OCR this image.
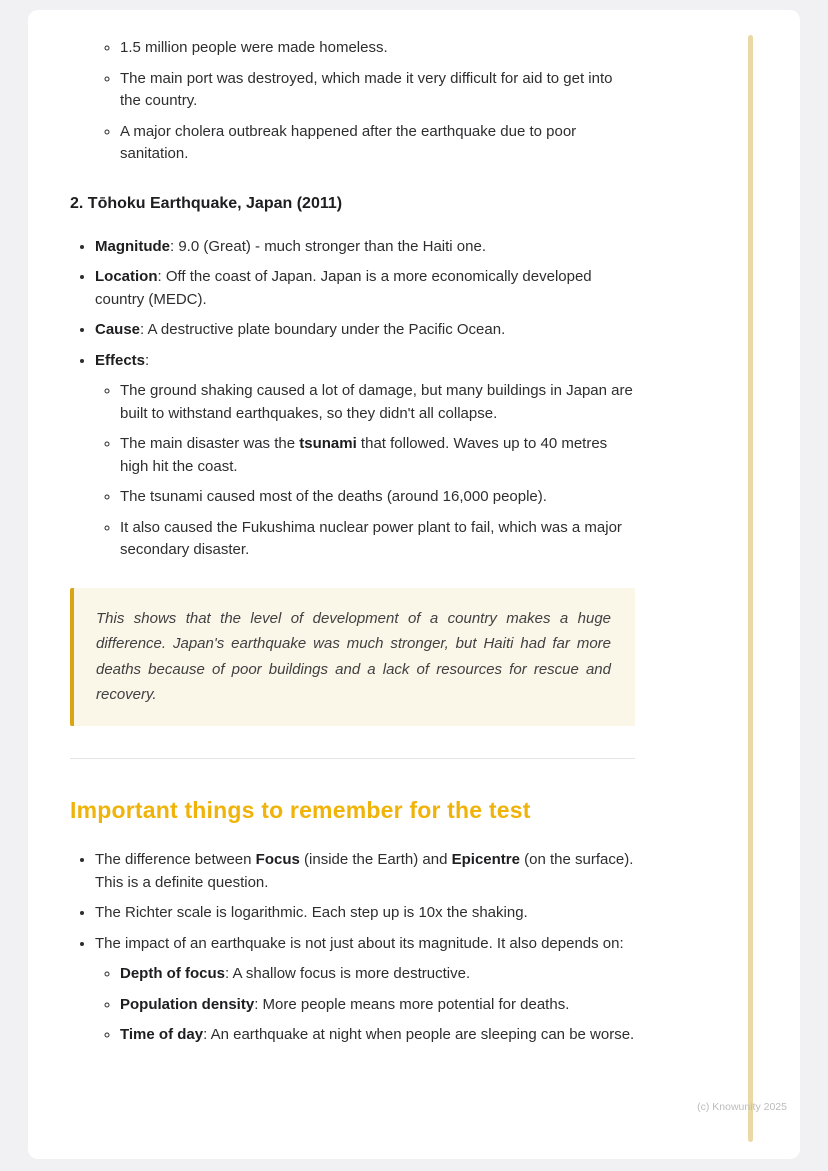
◦ 1.5 million people were made homeless.
◦ The main port was destroyed, which made it very difficult for aid to get into the country.
◦ A major cholera outbreak happened after the earthquake due to poor sanitation.
2. Tōhoku Earthquake, Japan (2011)
• Magnitude: 9.0 (Great) - much stronger than the Haiti one.
• Location: Off the coast of Japan. Japan is a more economically developed country (MEDC).
• Cause: A destructive plate boundary under the Pacific Ocean.
• Effects:
◦ The ground shaking caused a lot of damage, but many buildings in Japan are built to withstand earthquakes, so they didn't all collapse.
◦ The main disaster was the tsunami that followed. Waves up to 40 metres high hit the coast.
◦ The tsunami caused most of the deaths (around 16,000 people).
◦ It also caused the Fukushima nuclear power plant to fail, which was a major secondary disaster.

This shows that the level of development of a country makes a huge difference. Japan's earthquake was much stronger, but Haiti had far more deaths because of poor buildings and a lack of resources for rescue and recovery.

Important things to remember for the test
• The difference between Focus (inside the Earth) and Epicentre (on the surface). This is a definite question.
• The Richter scale is logarithmic. Each step up is 10x the shaking.
• The impact of an earthquake is not just about its magnitude. It also depends on:
◦ Depth of focus: A shallow focus is more destructive.
◦ Population density: More people means more potential for deaths.
◦ Time of day: An earthquake at night when people are sleeping can be worse.
(c) Knowunity 2025
